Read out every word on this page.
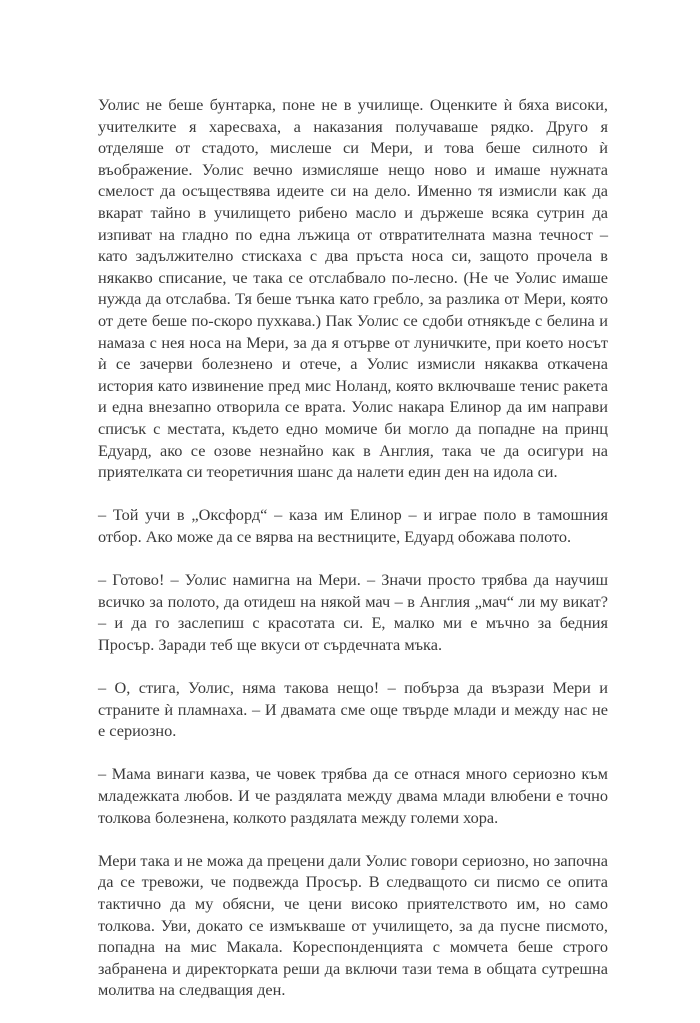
Уолис не беше бунтарка, поне не в училище. Оценките ѝ бяха високи, учителките я харесваха, а наказания получаваше рядко. Друго я отделяше от стадото, мислеше си Мери, и това беше силното ѝ въображение. Уолис вечно измисляше нещо ново и имаше нужната смелост да осъществява идеите си на дело. Именно тя измисли как да вкарат тайно в училището рибено масло и държеше всяка сутрин да изпиват на гладно по една лъжица от отвратителната мазна течност – като задължително стискаха с два пръста носа си, защото прочела в някакво списание, че така се отслабвало по-лесно. (Не че Уолис имаше нужда да отслабва. Тя беше тънка като гребло, за разлика от Мери, която от дете беше по-скоро пухкава.) Пак Уолис се сдоби отнякъде с белина и намаза с нея носа на Мери, за да я отърве от луничките, при което носът ѝ се зачерви болезнено и отече, а Уолис измисли някаква откачена история като извинение пред мис Ноланд, която включваше тенис ракета и една внезапно отворила се врата. Уолис накара Елинор да им направи списък с местата, където едно момиче би могло да попадне на принц Едуард, ако се озове незнайно как в Англия, така че да осигури на приятелката си теоретичния шанс да налети един ден на идола си.

– Той учи в „Оксфорд“ – каза им Елинор – и играе поло в тамошния отбор. Ако може да се вярва на вестниците, Едуард обожава полото.

– Готово! – Уолис намигна на Мери. – Значи просто трябва да научиш всичко за полото, да отидеш на някой мач – в Англия „мач“ ли му викат? – и да го заслепиш с красотата си. Е, малко ми е мъчно за бедния Просър. Заради теб ще вкуси от сърдечната мъка.

– О, стига, Уолис, няма такова нещо! – побърза да възрази Мери и страните ѝ пламнаха. – И двамата сме още твърде млади и между нас не е сериозно.

– Мама винаги казва, че човек трябва да се отнася много сериозно към младежката любов. И че раздялата между двама млади влюбени е точно толкова болезнена, колкото раздялата между големи хора.

Мери така и не можа да прецени дали Уолис говори сериозно, но започна да се тревожи, че подвежда Просър. В следващото си писмо се опита тактично да му обясни, че цени високо приятелството им, но само толкова. Уви, докато се измъкваше от училището, за да пусне писмото, попадна на мис Макала. Кореспонденцията с момчета беше строго забранена и директорката реши да включи тази тема в общата сутрешна молитва на следващия ден.
